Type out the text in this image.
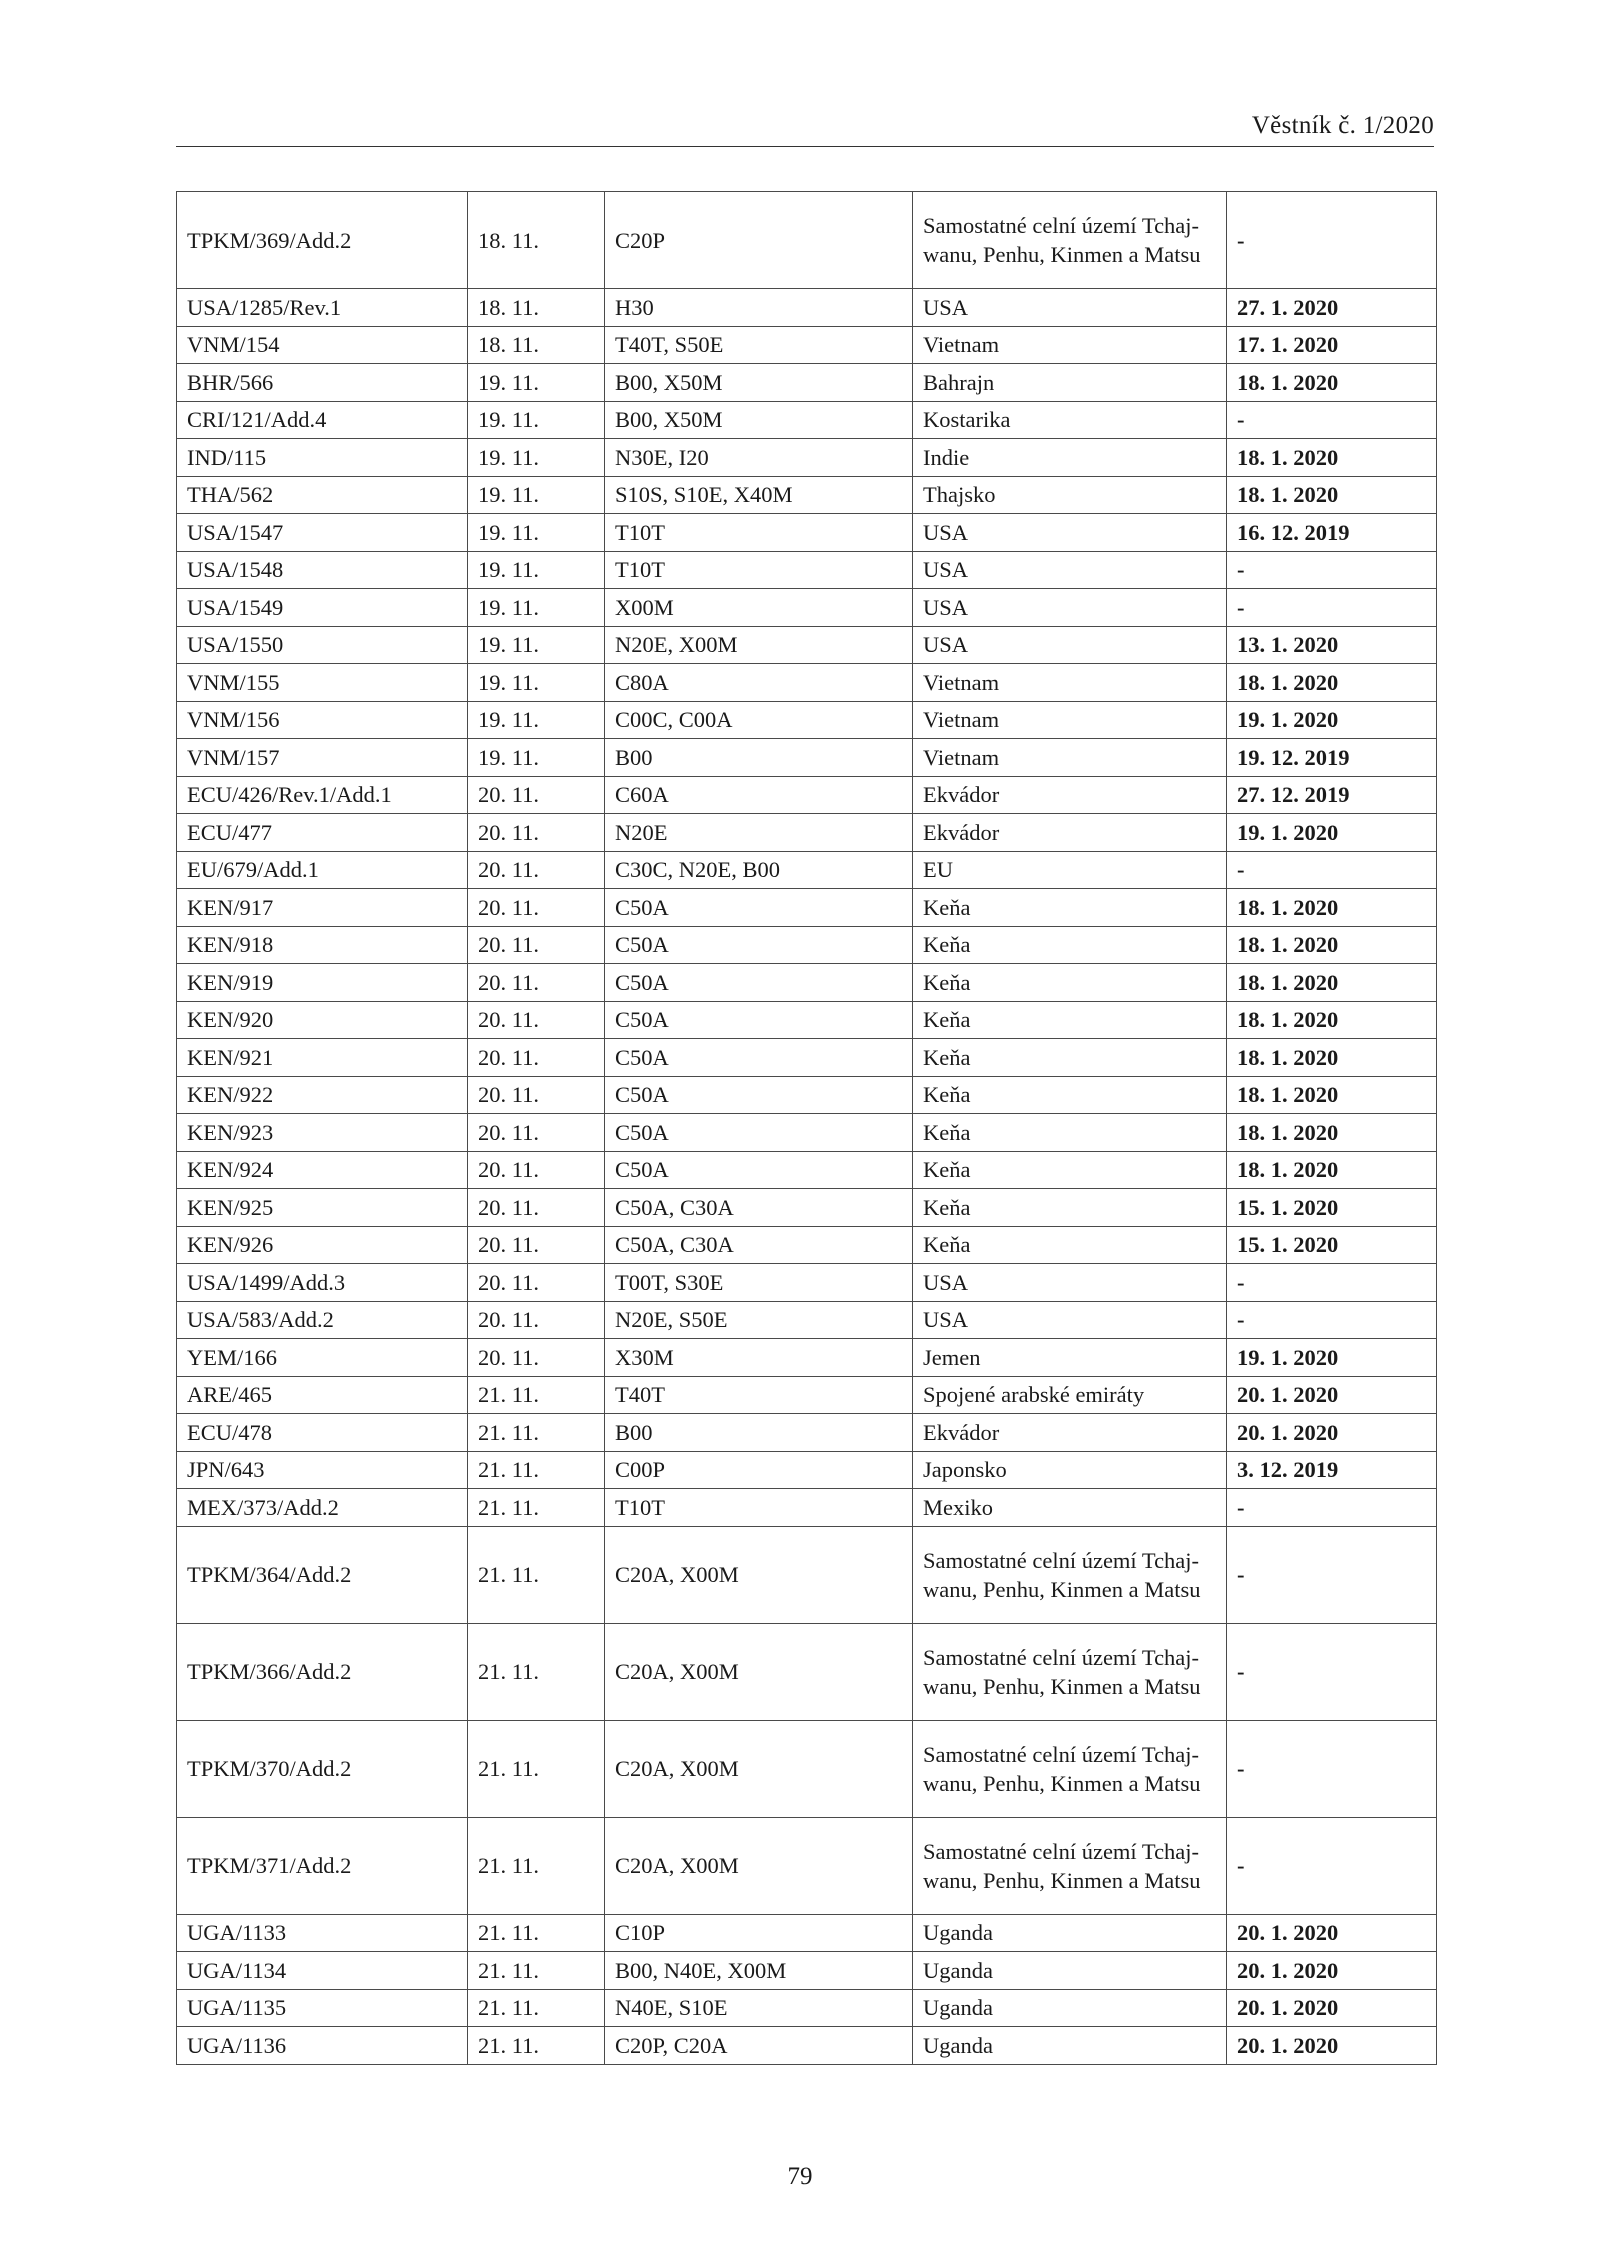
Věstník č. 1/2020
TPKM/369/Add.2	18. 11.	C20P	Samostatné celní území Tchaj-wanu, Penhu, Kinmen a Matsu	-
USA/1285/Rev.1	18. 11.	H30	USA	27. 1. 2020
VNM/154	18. 11.	T40T, S50E	Vietnam	17. 1. 2020
BHR/566	19. 11.	B00, X50M	Bahrajn	18. 1. 2020
CRI/121/Add.4	19. 11.	B00, X50M	Kostarika	-
IND/115	19. 11.	N30E, I20	Indie	18. 1. 2020
THA/562	19. 11.	S10S, S10E, X40M	Thajsko	18. 1. 2020
USA/1547	19. 11.	T10T	USA	16. 12. 2019
USA/1548	19. 11.	T10T	USA	-
USA/1549	19. 11.	X00M	USA	-
USA/1550	19. 11.	N20E, X00M	USA	13. 1. 2020
VNM/155	19. 11.	C80A	Vietnam	18. 1. 2020
VNM/156	19. 11.	C00C, C00A	Vietnam	19. 1. 2020
VNM/157	19. 11.	B00	Vietnam	19. 12. 2019
ECU/426/Rev.1/Add.1	20. 11.	C60A	Ekvádor	27. 12. 2019
ECU/477	20. 11.	N20E	Ekvádor	19. 1. 2020
EU/679/Add.1	20. 11.	C30C, N20E, B00	EU	-
KEN/917	20. 11.	C50A	Keňa	18. 1. 2020
KEN/918	20. 11.	C50A	Keňa	18. 1. 2020
KEN/919	20. 11.	C50A	Keňa	18. 1. 2020
KEN/920	20. 11.	C50A	Keňa	18. 1. 2020
KEN/921	20. 11.	C50A	Keňa	18. 1. 2020
KEN/922	20. 11.	C50A	Keňa	18. 1. 2020
KEN/923	20. 11.	C50A	Keňa	18. 1. 2020
KEN/924	20. 11.	C50A	Keňa	18. 1. 2020
KEN/925	20. 11.	C50A, C30A	Keňa	15. 1. 2020
KEN/926	20. 11.	C50A, C30A	Keňa	15. 1. 2020
USA/1499/Add.3	20. 11.	T00T, S30E	USA	-
USA/583/Add.2	20. 11.	N20E, S50E	USA	-
YEM/166	20. 11.	X30M	Jemen	19. 1. 2020
ARE/465	21. 11.	T40T	Spojené arabské emiráty	20. 1. 2020
ECU/478	21. 11.	B00	Ekvádor	20. 1. 2020
JPN/643	21. 11.	C00P	Japonsko	3. 12. 2019
MEX/373/Add.2	21. 11.	T10T	Mexiko	-
TPKM/364/Add.2	21. 11.	C20A, X00M	Samostatné celní území Tchaj-wanu, Penhu, Kinmen a Matsu	-
TPKM/366/Add.2	21. 11.	C20A, X00M	Samostatné celní území Tchaj-wanu, Penhu, Kinmen a Matsu	-
TPKM/370/Add.2	21. 11.	C20A, X00M	Samostatné celní území Tchaj-wanu, Penhu, Kinmen a Matsu	-
TPKM/371/Add.2	21. 11.	C20A, X00M	Samostatné celní území Tchaj-wanu, Penhu, Kinmen a Matsu	-
UGA/1133	21. 11.	C10P	Uganda	20. 1. 2020
UGA/1134	21. 11.	B00, N40E, X00M	Uganda	20. 1. 2020
UGA/1135	21. 11.	N40E, S10E	Uganda	20. 1. 2020
UGA/1136	21. 11.	C20P, C20A	Uganda	20. 1. 2020
79
